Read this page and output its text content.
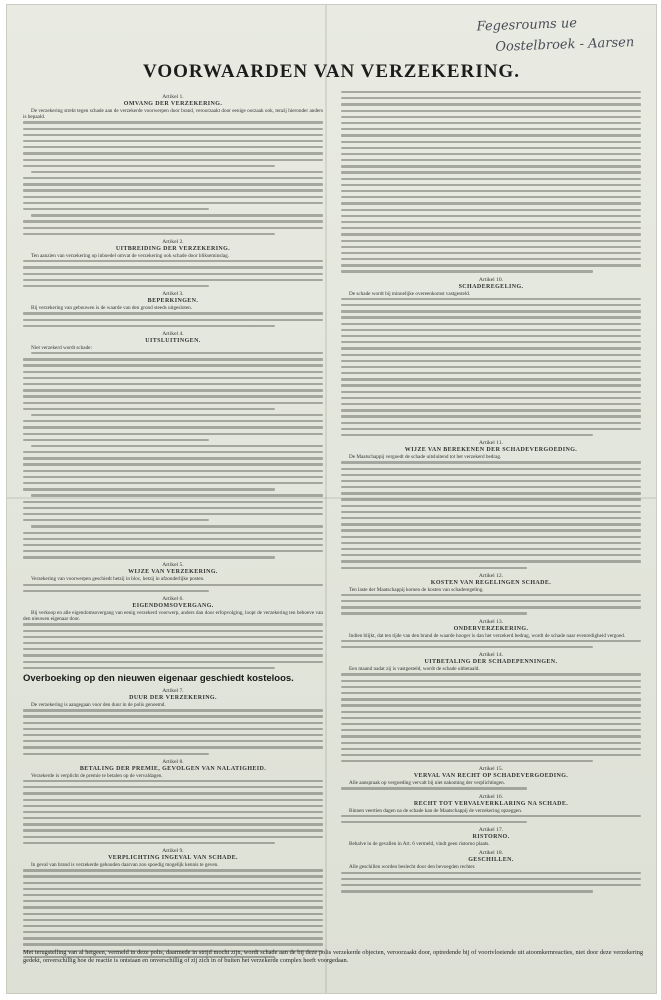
Fegesroums ue
Oostelbroek - Aarsen
VOORWAARDEN VAN VERZEKERING.
Artikel 1.
OMVANG DER VERZEKERING.
De verzekering strekt tegen schade aan de verzekerde voorwerpen door brand, veroorzaakt door eenige oorzaak ook, tenzij hieronder anders is bepaald.
Artikel 2.
UITBREIDING DER VERZEKERING.
Ten aanzien van verzekering op inboedel omvat de verzekering ook schade door blikseminslag.
Artikel 3.
BEPERKINGEN.
Bij verzekering van gebouwen is de waarde van den grond steeds uitgesloten.
Artikel 4.
UITSLUITINGEN.
Niet verzekerd wordt schade:
Artikel 5.
WIJZE VAN VERZEKERING.
Verzekering van voorwerpen geschiedt hetzij in bloc, hetzij in afzonderlijke posten.
Artikel 6.
EIGENDOMSOVERGANG.
Bij verkoop en alle eigendomsovergang van eenig verzekerd voorwerp, anders dan door erfopvolging, loopt de verzekering ten behoeve van den nieuwen eigenaar door.
Overboeking op den nieuwen eigenaar geschiedt kosteloos.
Artikel 7.
DUUR DER VERZEKERING.
De verzekering is aangegaan voor den duur in de polis genoemd.
Artikel 8.
BETALING DER PREMIE, GEVOLGEN VAN NALATIGHEID.
Verzekerde is verplicht de premie te betalen op de vervaldagen.
Artikel 9.
VERPLICHTING INGEVAL VAN SCHADE.
In geval van brand is verzekerde gehouden daarvan zoo spoedig mogelijk kennis te geven.
Artikel 10.
SCHADEREGELING.
De schade wordt bij minnelijke overeenkomst vastgesteld.
Artikel 11.
WIJZE VAN BEREKENEN DER SCHADEVERGOEDING.
De Maatschappij vergoedt de schade uitsluitend tot het verzekerd bedrag.
Artikel 12.
KOSTEN VAN REGELINGEN SCHADE.
Ten laste der Maatschappij komen de kosten van schaderegeling.
Artikel 13.
ONDERVERZEKERING.
Indien blijkt, dat ten tijde van den brand de waarde hooger is dan het verzekerd bedrag, wordt de schade naar evenredigheid vergoed.
Artikel 14.
UITBETALING DER SCHADEPENNINGEN.
Een maand nadat zij is vastgesteld, wordt de schade uitbetaald.
Artikel 15.
VERVAL VAN RECHT OP SCHADEVERGOEDING.
Alle aanspraak op vergoeding vervalt bij niet nakoming der verplichtingen.
Artikel 16.
RECHT TOT VERVALVERKLARING NA SCHADE.
Binnen veertien dagen na de schade kan de Maatschappij de verzekering opzeggen.
Artikel 17.
RISTORNO.
Behalve in de gevallen in Art. 6 vermeld, vindt geen ristorno plaats.
Artikel 18.
GESCHILLEN.
Alle geschillen worden beslecht door den bevoegden rechter.
Met terugstelling van al hetgeen, vermeld in deze polis, daarmede in strijd mocht zijn, wordt schade aan de bij deze polis verzekerde objecten, veroorzaakt door, optredende bij of voortvloeiende uit atoomkernreacties, niet door deze verzekering gedekt, onverschillig hoe de reactie is ontstaan en onverschillig of zij zich in of buiten het verzekerde complex heeft voorgedaan.
